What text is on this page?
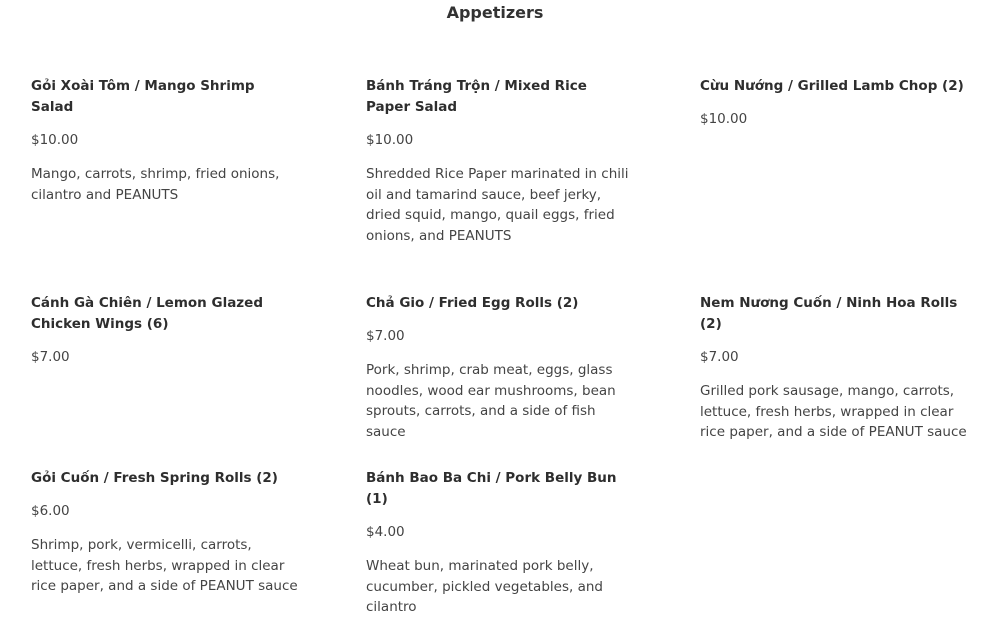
Appetizers

Gỏi Xoài Tôm / Mango Shrimp Salad

$10.00

Mango, carrots, shrimp, fried onions, cilantro and PEANUTS

Bánh Tráng Trộn / Mixed Rice Paper Salad

$10.00

Shredded Rice Paper marinated in chili oil and tamarind sauce, beef jerky, dried squid, mango, quail eggs, fried onions, and PEANUTS

Cừu Nướng / Grilled Lamb Chop (2)

$10.00

Cánh Gà Chiên / Lemon Glazed Chicken Wings (6)

$7.00

Chả Gio / Fried Egg Rolls (2)

$7.00

Pork, shrimp, crab meat, eggs, glass noodles, wood ear mushrooms, bean sprouts, carrots, and a side of fish sauce

Nem Nương Cuốn / Ninh Hoa Rolls (2)

$7.00

Grilled pork sausage, mango, carrots, lettuce, fresh herbs, wrapped in clear rice paper, and a side of PEANUT sauce

Gỏi Cuốn / Fresh Spring Rolls (2)

$6.00

Shrimp, pork, vermicelli, carrots, lettuce, fresh herbs, wrapped in clear rice paper, and a side of PEANUT sauce

Bánh Bao Ba Chi / Pork Belly Bun (1)

$4.00

Wheat bun, marinated pork belly, cucumber, pickled vegetables, and cilantro
